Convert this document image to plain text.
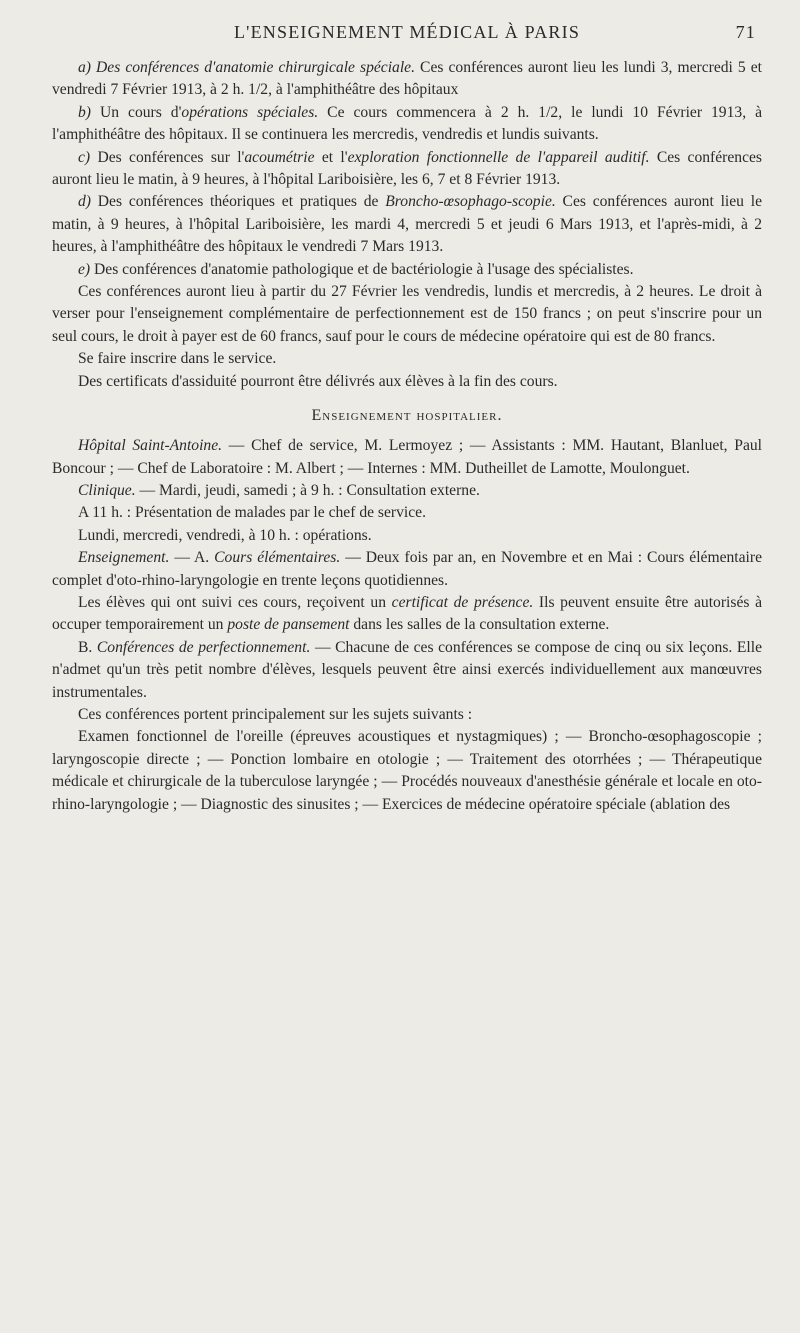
L'ENSEIGNEMENT MÉDICAL À PARIS	71

a) Des conférences d'anatomie chirurgicale spéciale. Ces conférences auront lieu les lundi 3, mercredi 5 et vendredi 7 Février 1913, à 2 h. 1/2, à l'amphithéâtre des hôpitaux

b) Un cours d'opérations spéciales. Ce cours commencera à 2 h. 1/2, le lundi 10 Février 1913, à l'amphithéâtre des hôpitaux. Il se continuera les mercredis, vendredis et lundis suivants.

c) Des conférences sur l'acoumétrie et l'exploration fonctionnelle de l'appareil auditif. Ces conférences auront lieu le matin, à 9 heures, à l'hôpital Lariboisière, les 6, 7 et 8 Février 1913.

d) Des conférences théoriques et pratiques de Broncho-œsophago-scopie. Ces conférences auront lieu le matin, à 9 heures, à l'hôpital Lariboisière, les mardi 4, mercredi 5 et jeudi 6 Mars 1913, et l'après-midi, à 2 heures, à l'amphithéâtre des hôpitaux le vendredi 7 Mars 1913.

e) Des conférences d'anatomie pathologique et de bactériologie à l'usage des spécialistes.

Ces conférences auront lieu à partir du 27 Février les vendredis, lundis et mercredis, à 2 heures. Le droit à verser pour l'enseignement complémentaire de perfectionnement est de 150 francs ; on peut s'inscrire pour un seul cours, le droit à payer est de 60 francs, sauf pour le cours de médecine opératoire qui est de 80 francs.

Se faire inscrire dans le service.

Des certificats d'assiduité pourront être délivrés aux élèves à la fin des cours.

Enseignement hospitalier.

Hôpital Saint-Antoine. — Chef de service, M. Lermoyez ; — Assistants : MM. Hautant, Blanluet, Paul Boncour ; — Chef de Laboratoire : M. Albert ; — Internes : MM. Dutheillet de Lamotte, Moulonguet.

Clinique. — Mardi, jeudi, samedi ; à 9 h. : Consultation externe.

A 11 h. : Présentation de malades par le chef de service.

Lundi, mercredi, vendredi, à 10 h. : opérations.

Enseignement. — A. Cours élémentaires. — Deux fois par an, en Novembre et en Mai : Cours élémentaire complet d'oto-rhino-laryngologie en trente leçons quotidiennes.

Les élèves qui ont suivi ces cours, reçoivent un certificat de présence. Ils peuvent ensuite être autorisés à occuper temporairement un poste de pansement dans les salles de la consultation externe.

B. Conférences de perfectionnement. — Chacune de ces conférences se compose de cinq ou six leçons. Elle n'admet qu'un très petit nombre d'élèves, lesquels peuvent être ainsi exercés individuellement aux manœuvres instrumentales.

Ces conférences portent principalement sur les sujets suivants :

Examen fonctionnel de l'oreille (épreuves acoustiques et nystagmiques) ; — Broncho-œsophagoscopie ; laryngoscopie directe ; — Ponction lombaire en otologie ; — Traitement des otorrhées ; — Thérapeutique médicale et chirurgicale de la tuberculose laryngée ; — Procédés nouveaux d'anesthésie générale et locale en oto-rhino-laryngologie ; — Diagnostic des sinusites ; — Exercices de médecine opératoire spéciale (ablation des
